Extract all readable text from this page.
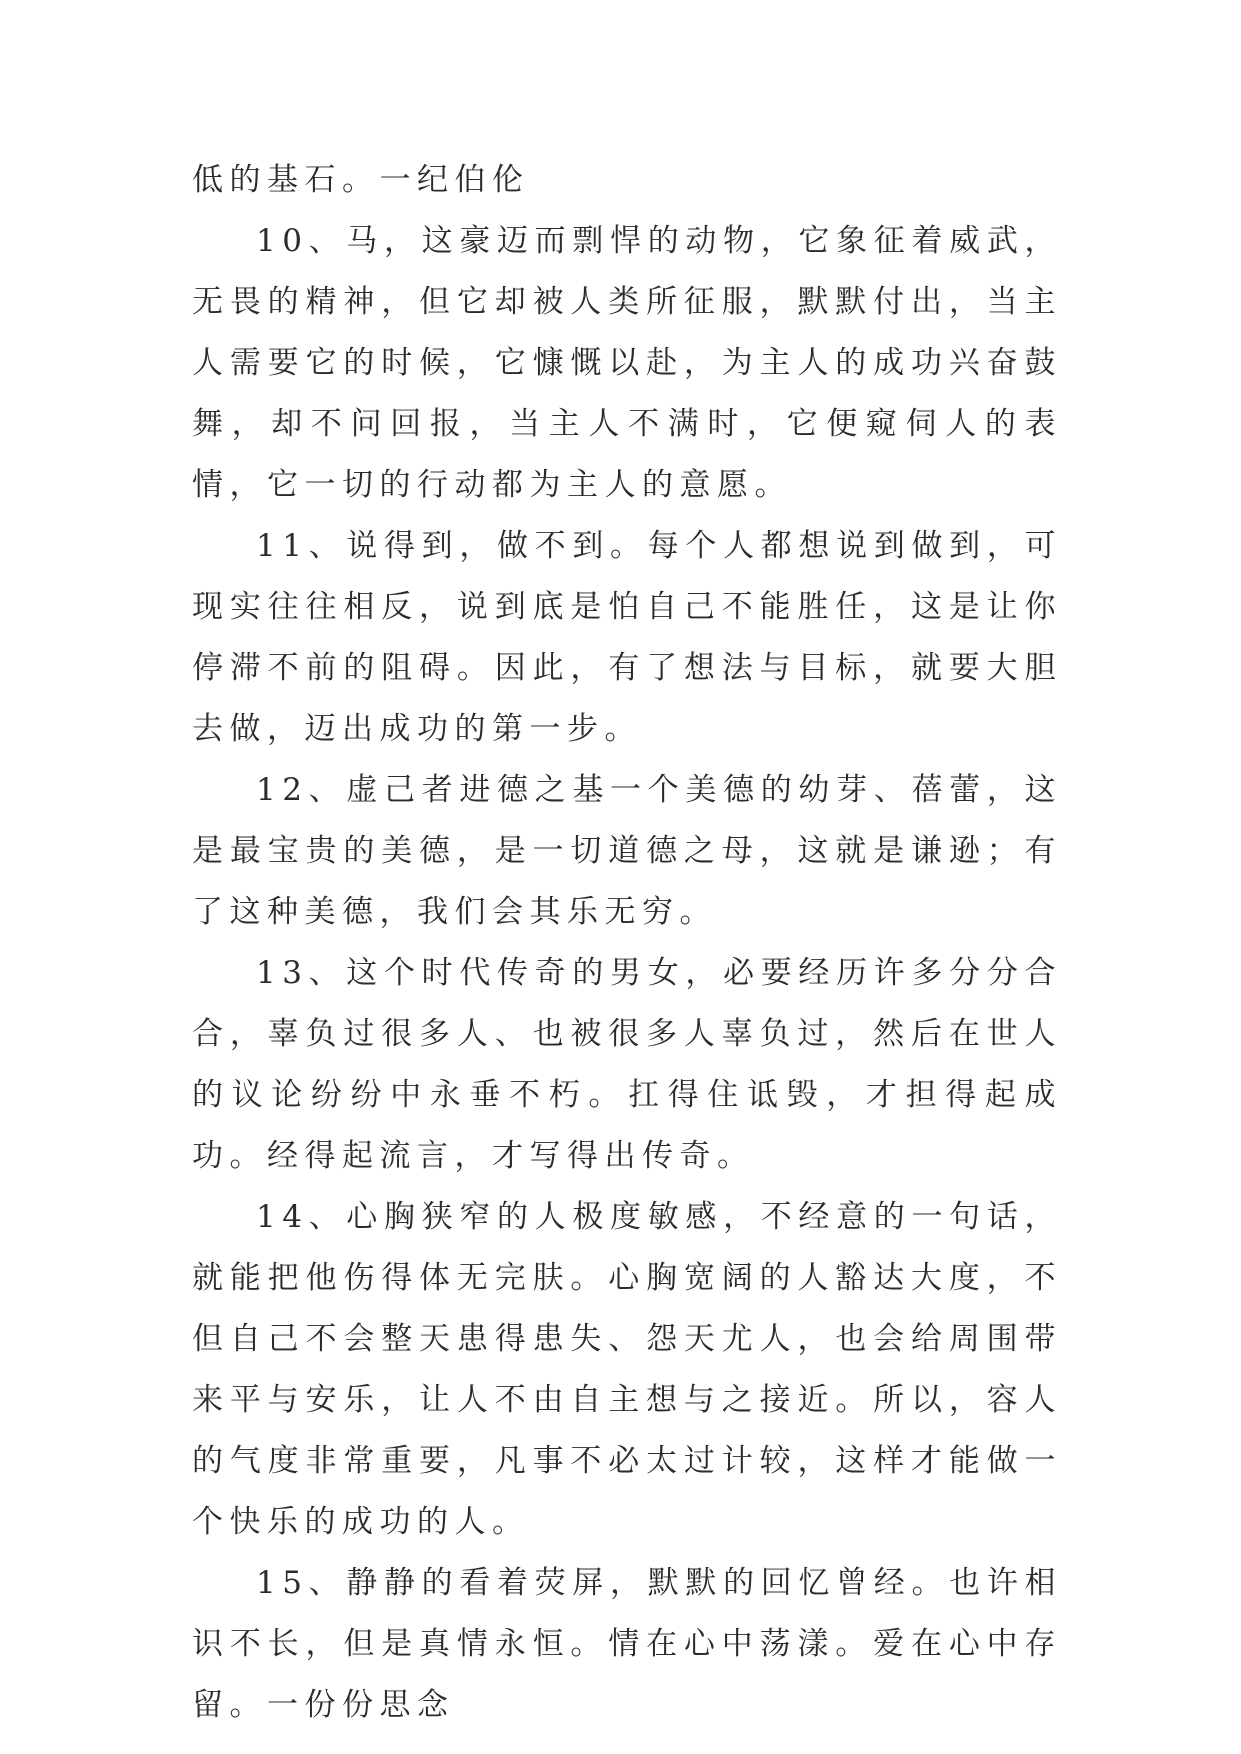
低的基石。一纪伯伦

10、马，这豪迈而剽悍的动物，它象征着威武，无畏的精神，但它却被人类所征服，默默付出，当主人需要它的时候，它慷慨以赴，为主人的成功兴奋鼓舞，却不问回报，当主人不满时，它便窥伺人的表情，它一切的行动都为主人的意愿。

11、说得到，做不到。每个人都想说到做到，可现实往往相反，说到底是怕自己不能胜任，这是让你停滞不前的阻碍。因此，有了想法与目标，就要大胆去做，迈出成功的第一步。

12、虚己者进德之基一个美德的幼芽、蓓蕾，这是最宝贵的美德，是一切道德之母，这就是谦逊；有了这种美德，我们会其乐无穷。

13、这个时代传奇的男女，必要经历许多分分合合，辜负过很多人、也被很多人辜负过，然后在世人的议论纷纷中永垂不朽。扛得住诋毁，才担得起成功。经得起流言，才写得出传奇。

14、心胸狭窄的人极度敏感，不经意的一句话，就能把他伤得体无完肤。心胸宽阔的人豁达大度，不但自己不会整天患得患失、怨天尤人，也会给周围带来平与安乐，让人不由自主想与之接近。所以，容人的气度非常重要，凡事不必太过计较，这样才能做一个快乐的成功的人。

15、静静的看着荧屏，默默的回忆曾经。也许相识不长，但是真情永恒。情在心中荡漾。爱在心中存留。一份份思念
